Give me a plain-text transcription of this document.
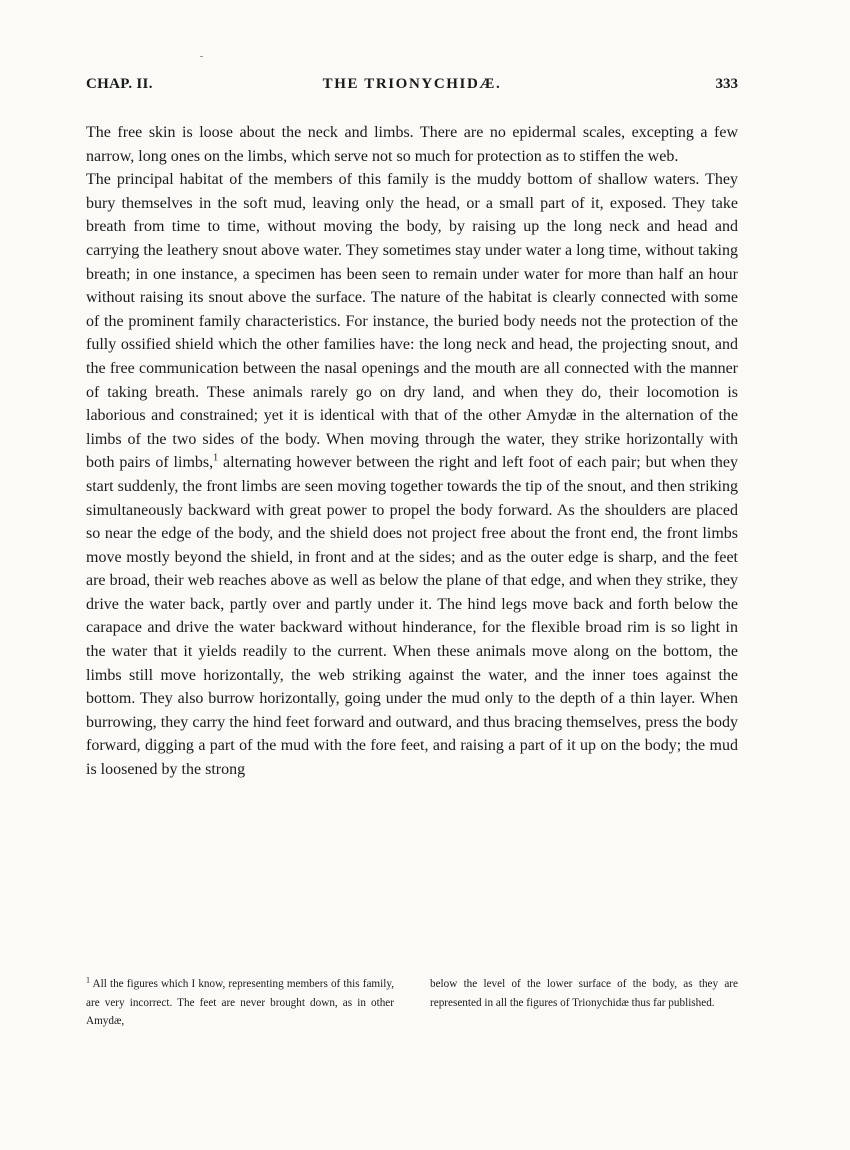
CHAP. II.	THE TRIONYCHIDÆ.	333

The free skin is loose about the neck and limbs. There are no epidermal scales, excepting a few narrow, long ones on the limbs, which serve not so much for protection as to stiffen the web.

The principal habitat of the members of this family is the muddy bottom of shallow waters. They bury themselves in the soft mud, leaving only the head, or a small part of it, exposed. They take breath from time to time, without moving the body, by raising up the long neck and head and carrying the leathery snout above water. They sometimes stay under water a long time, without taking breath; in one instance, a specimen has been seen to remain under water for more than half an hour without raising its snout above the surface. The nature of the habitat is clearly connected with some of the prominent family characteristics. For instance, the buried body needs not the protection of the fully ossified shield which the other families have: the long neck and head, the projecting snout, and the free communication between the nasal openings and the mouth are all connected with the manner of taking breath. These animals rarely go on dry land, and when they do, their locomotion is laborious and constrained; yet it is identical with that of the other Amydæ in the alternation of the limbs of the two sides of the body. When moving through the water, they strike horizontally with both pairs of limbs,$^1$ alternating however between the right and left foot of each pair; but when they start suddenly, the front limbs are seen moving together towards the tip of the snout, and then striking simultaneously backward with great power to propel the body forward. As the shoulders are placed so near the edge of the body, and the shield does not project free about the front end, the front limbs move mostly beyond the shield, in front and at the sides; and as the outer edge is sharp, and the feet are broad, their web reaches above as well as below the plane of that edge, and when they strike, they drive the water back, partly over and partly under it. The hind legs move back and forth below the carapace and drive the water backward without hinderance, for the flexible broad rim is so light in the water that it yields readily to the current. When these animals move along on the bottom, the limbs still move horizontally, the web striking against the water, and the inner toes against the bottom. They also burrow horizontally, going under the mud only to the depth of a thin layer. When burrowing, they carry the hind feet forward and outward, and thus bracing themselves, press the body forward, digging a part of the mud with the fore feet, and raising a part of it up on the body; the mud is loosened by the strong

$^1$ All the figures which I know, representing members of this family, are very incorrect. The feet are never brought down, as in other Amydæ,
below the level of the lower surface of the body, as they are represented in all the figures of Trionychidæ thus far published.
